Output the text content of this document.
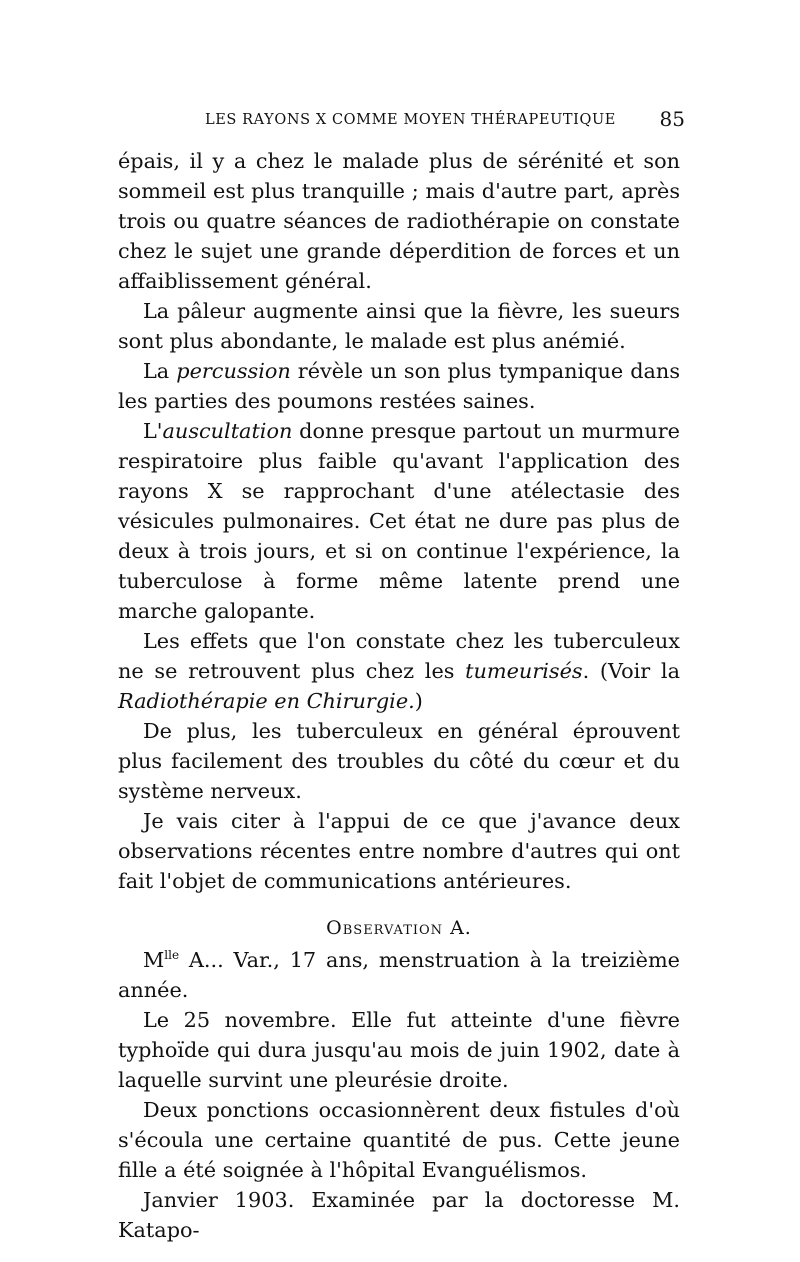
LES RAYONS X COMME MOYEN THÉRAPEUTIQUE 85

épais, il y a chez le malade plus de sérénité et son sommeil est plus tranquille ; mais d'autre part, après trois ou quatre séances de radiothérapie on constate chez le sujet une grande déperdition de forces et un affaiblissement général.

La pâleur augmente ainsi que la fièvre, les sueurs sont plus abondante, le malade est plus anémié.

La percussion révèle un son plus tympanique dans les parties des poumons restées saines.

L'auscultation donne presque partout un murmure respiratoire plus faible qu'avant l'application des rayons X se rapprochant d'une atélectasie des vésicules pulmonaires. Cet état ne dure pas plus de deux à trois jours, et si on continue l'expérience, la tuberculose à forme même latente prend une marche galopante.

Les effets que l'on constate chez les tuberculeux ne se retrouvent plus chez les tumeurisés. (Voir la Radiothérapie en Chirurgie.)

De plus, les tuberculeux en général éprouvent plus facilement des troubles du côté du cœur et du système nerveux.

Je vais citer à l'appui de ce que j'avance deux observations récentes entre nombre d'autres qui ont fait l'objet de communications antérieures.

Observation A.

$M^{lle}$ A... Var., 17 ans, menstruation à la treizième année.

Le 25 novembre. Elle fut atteinte d'une fièvre typhoïde qui dura jusqu'au mois de juin 1902, date à laquelle survint une pleurésie droite.

Deux ponctions occasionnèrent deux fistules d'où s'écoula une certaine quantité de pus. Cette jeune fille a été soignée à l'hôpital Evanguélismos.

Janvier 1903. Examinée par la doctoresse M. Katapo-
